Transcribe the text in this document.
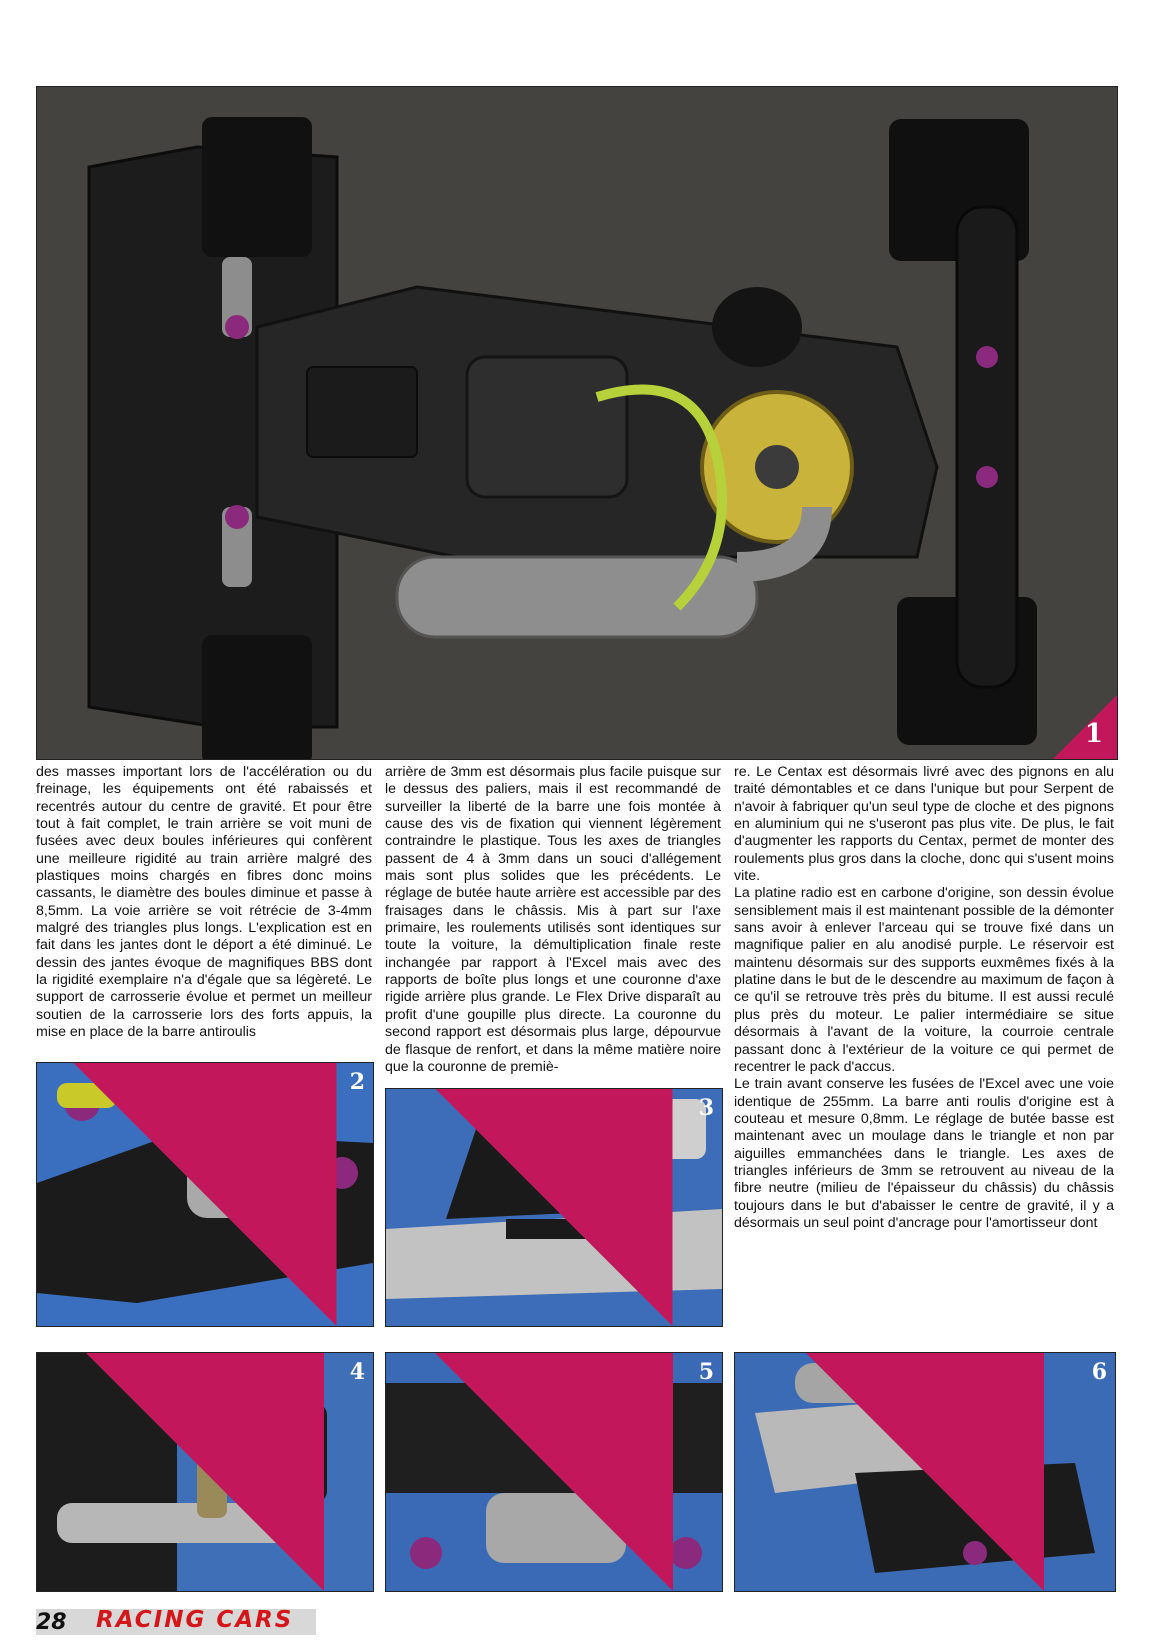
1

des masses important lors de l'accélération ou du freinage, les équipements ont été rabaissés et recentrés autour du centre de gravité. Et pour être tout à fait complet, le train arrière se voit muni de fusées avec deux boules inférieures qui confèrent une meilleure rigidité au train arrière malgré des plastiques moins chargés en fibres donc moins cassants, le diamètre des boules diminue et passe à 8,5mm. La voie arrière se voit rétrécie de 3-4mm malgré des triangles plus longs. L'explication est en fait dans les jantes dont le déport a été diminué. Le dessin des jantes évoque de magnifiques BBS dont la rigidité exemplaire n'a d'égale que sa légèreté. Le support de carrosserie évolue et permet un meilleur soutien de la carrosserie lors des forts appuis, la mise en place de la barre antiroulis

arrière de 3mm est désormais plus facile puisque sur le dessus des paliers, mais il est recommandé de surveiller la liberté de la barre une fois montée à cause des vis de fixation qui viennent légèrement contraindre le plastique. Tous les axes de triangles passent de 4 à 3mm dans un souci d'allégement mais sont plus solides que les précédents. Le réglage de butée haute arrière est accessible par des fraisages dans le châssis. Mis à part sur l'axe primaire, les roulements utilisés sont identiques sur toute la voiture, la démultiplication finale reste inchangée par rapport à l'Excel mais avec des rapports de boîte plus longs et une couronne d'axe rigide arrière plus grande. Le Flex Drive disparaît au profit d'une goupille plus directe. La couronne du second rapport est désormais plus large, dépourvue de flasque de renfort, et dans la même matière noire que la couronne de premiè-

re. Le Centax est désormais livré avec des pignons en alu traité démontables et ce dans l'unique but pour Serpent de n'avoir à fabriquer qu'un seul type de cloche et des pignons en aluminium qui ne s'useront pas plus vite. De plus, le fait d'augmenter les rapports du Centax, permet de monter des roulements plus gros dans la cloche, donc qui s'usent moins vite.

La platine radio est en carbone d'origine, son dessin évolue sensiblement mais il est maintenant possible de la démonter sans avoir à enlever l'arceau qui se trouve fixé dans un magnifique palier en alu anodisé purple. Le réservoir est maintenu désormais sur des supports euxmêmes fixés à la platine dans le but de le descendre au maximum de façon à ce qu'il se retrouve très près du bitume. Il est aussi reculé plus près du moteur. Le palier intermédiaire se situe désormais à l'avant de la voiture, la courroie centrale passant donc à l'extérieur de la voiture ce qui permet de recentrer le pack d'accus.

Le train avant conserve les fusées de l'Excel avec une voie identique de 255mm. La barre anti roulis d'origine est à couteau et mesure 0,8mm. Le réglage de butée basse est maintenant avec un moulage dans le triangle et non par aiguilles emmanchées dans le triangle. Les axes de triangles inférieurs de 3mm se retrouvent au niveau de la fibre neutre (milieu de l'épaisseur du châssis) du châssis toujours dans le but d'abaisser le centre de gravité, il y a désormais un seul point d'ancrage pour l'amortisseur dont

2
3
4	5	6
28 RACING CARS
